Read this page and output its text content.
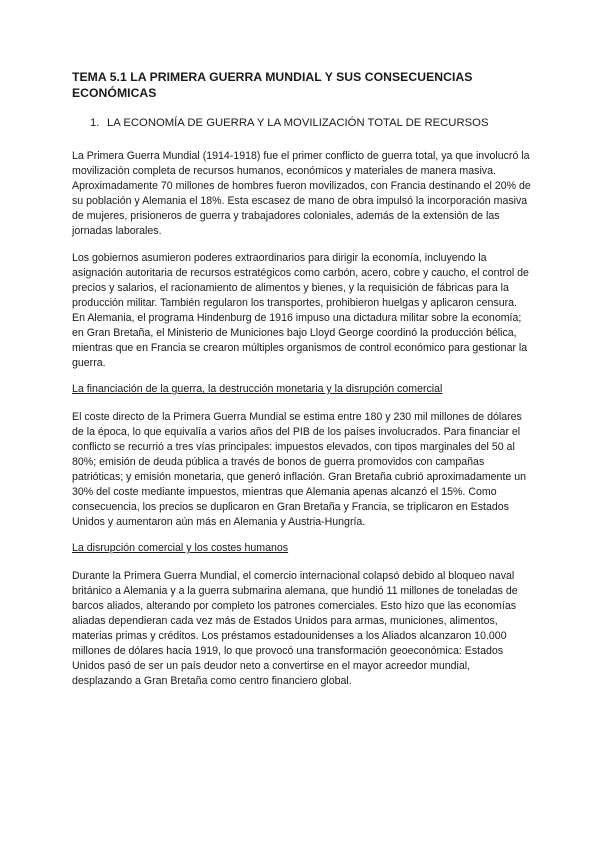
TEMA 5.1 LA PRIMERA GUERRA MUNDIAL Y SUS CONSECUENCIAS ECONÓMICAS
1. LA ECONOMÍA DE GUERRA Y LA MOVILIZACIÓN TOTAL DE RECURSOS

La Primera Guerra Mundial (1914-1918) fue el primer conflicto de guerra total, ya que involucró la movilización completa de recursos humanos, económicos y materiales de manera masiva. Aproximadamente 70 millones de hombres fueron movilizados, con Francia destinando el 20% de su población y Alemania el 18%. Esta escasez de mano de obra impulsó la incorporación masiva de mujeres, prisioneros de guerra y trabajadores coloniales, además de la extensión de las jornadas laborales.

Los gobiernos asumieron poderes extraordinarios para dirigir la economía, incluyendo la asignación autoritaria de recursos estratégicos como carbón, acero, cobre y caucho, el control de precios y salarios, el racionamiento de alimentos y bienes, y la requisición de fábricas para la producción militar. También regularon los transportes, prohibieron huelgas y aplicaron censura. En Alemania, el programa Hindenburg de 1916 impuso una dictadura militar sobre la economía; en Gran Bretaña, el Ministerio de Municiones bajo Lloyd George coordinó la producción bélica, mientras que en Francia se crearon múltiples organismos de control económico para gestionar la guerra.

La financiación de la guerra, la destrucción monetaria y la disrupción comercial

El coste directo de la Primera Guerra Mundial se estima entre 180 y 230 mil millones de dólares de la época, lo que equivalía a varios años del PIB de los países involucrados. Para financiar el conflicto se recurrió a tres vías principales: impuestos elevados, con tipos marginales del 50 al 80%; emisión de deuda pública a través de bonos de guerra promovidos con campañas patrióticas; y emisión monetaria, que generó inflación. Gran Bretaña cubrió aproximadamente un 30% del coste mediante impuestos, mientras que Alemania apenas alcanzó el 15%. Como consecuencia, los precios se duplicaron en Gran Bretaña y Francia, se triplicaron en Estados Unidos y aumentaron aún más en Alemania y Austria-Hungría.

La disrupción comercial y los costes humanos

Durante la Primera Guerra Mundial, el comercio internacional colapsó debido al bloqueo naval británico a Alemania y a la guerra submarina alemana, que hundió 11 millones de toneladas de barcos aliados, alterando por completo los patrones comerciales. Esto hizo que las economías aliadas dependieran cada vez más de Estados Unidos para armas, municiones, alimentos, materias primas y créditos. Los préstamos estadounidenses a los Aliados alcanzaron 10.000 millones de dólares hacia 1919, lo que provocó una transformación geoeconómica: Estados Unidos pasó de ser un país deudor neto a convertirse en el mayor acreedor mundial, desplazando a Gran Bretaña como centro financiero global.
